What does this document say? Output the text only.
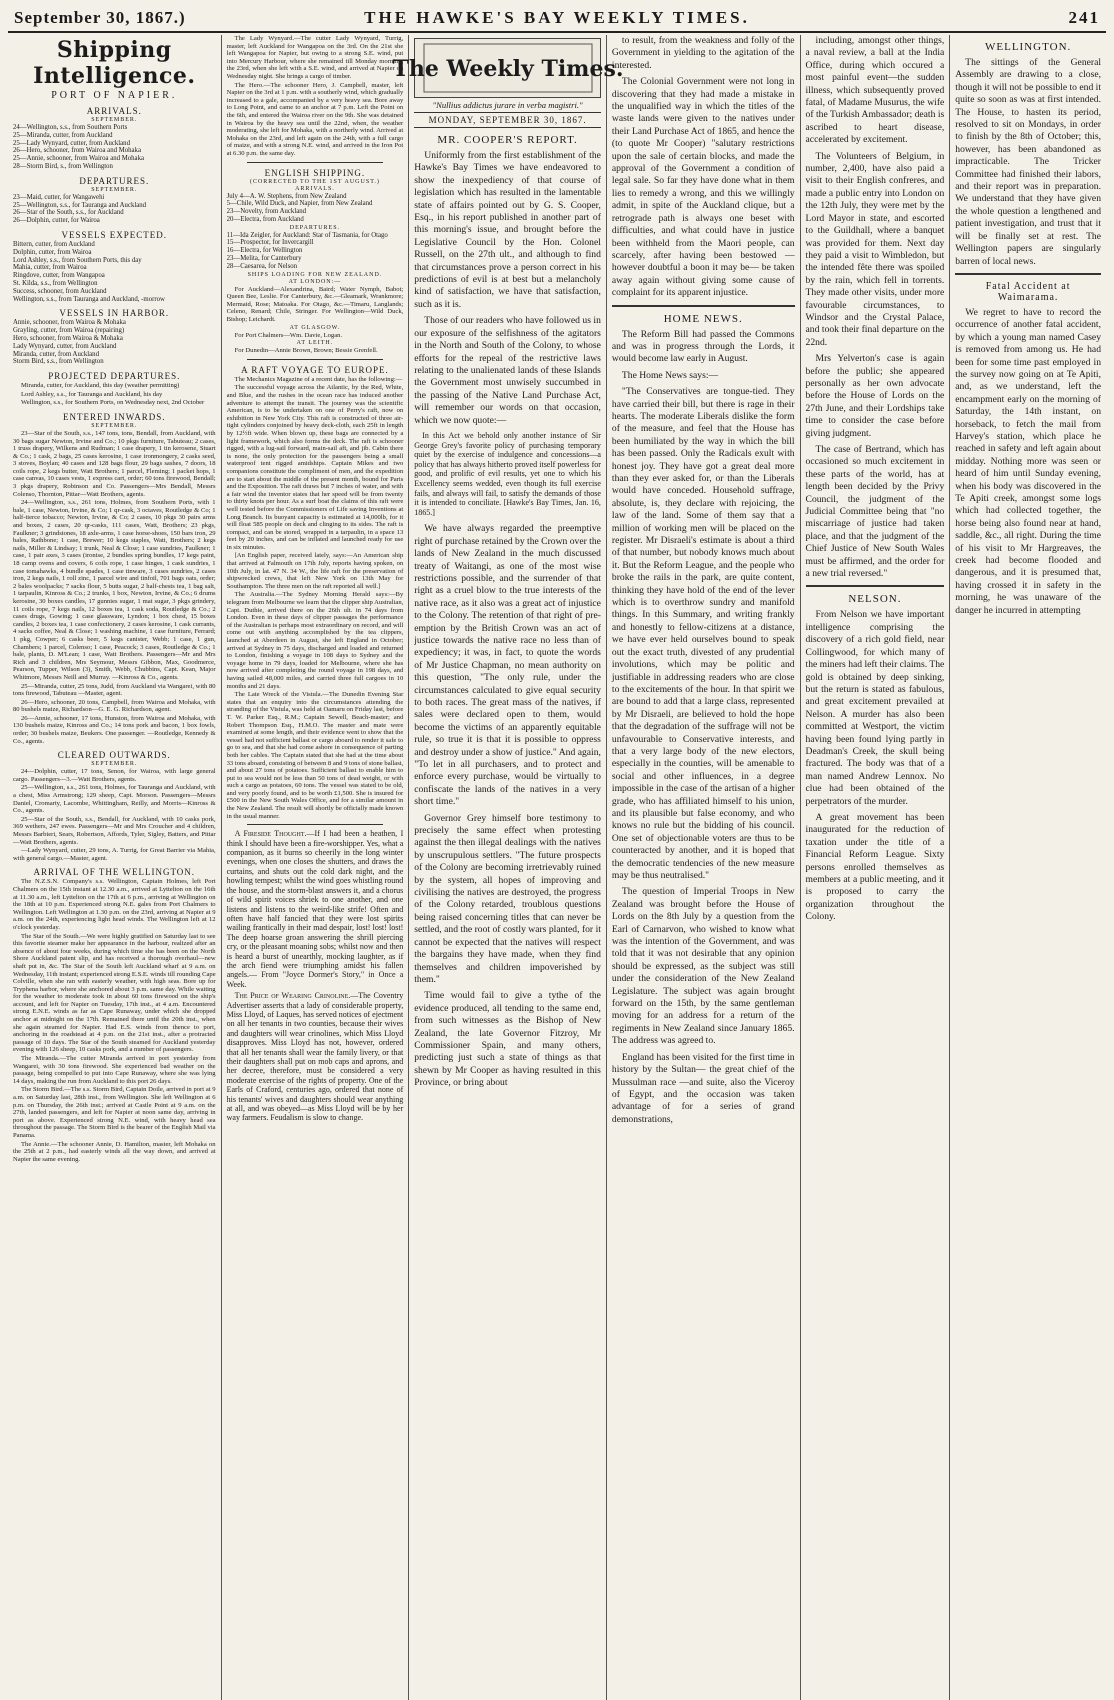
September 30, 1867.)	THE HAWKE'S BAY WEEKLY TIMES.	241
Shipping Intelligence.
PORT OF NAPIER.
ARRIVALS.
SEPTEMBER.
24—Wellington, s.s., from Southern Ports
25—Miranda, cutter, from Auckland
25—Lady Wynyard, cutter, from Auckland
26—Hero, schooner, from Wairoa and Mohaka
25—Annie, schooner, from Wairoa and Mohaka
28—Storm Bird, s., from Wellington
DEPARTURES.
SEPTEMBER.
23—Maid, cutter, for Wangawehi
25—Wellington, s.s., for Tauranga and Auckland
26—Star of the South, s.s., for Auckland
26—Dolphin, cutter, for Wairoa
VESSELS EXPECTED.
Bittern, cutter, from Auckland
Dolphin, cutter, from Wairoa
Lord Ashley, s.s., from Southern Ports, this day
Mahia, cutter, from Wairoa
Ringdove, cutter, from Wangapoa
St. Kilda, s.s., from Wellington
Success, schooner, from Auckland
Wellington, s.s., from Tauranga and Auckland, -morrow
VESSELS IN HARBOR.
Annie, schooner, from Wairoa & Mohaka
Grayling, cutter, from Wairoa (repairing)
Hero, schooner, from Wairoa & Mohaka
Lady Wynyard, cutter, from Auckland
Miranda, cutter, from Auckland
Storm Bird, s.s., from Wellington
PROJECTED DEPARTURES.

Miranda, cutter, for Auckland, this day (weather permitting)

Lord Ashley, s.s., for Tauranga and Auckland, his day

Wellington, s.s., for Southern Ports, on Wednesday next, 2nd October

ENTERED INWARDS.
SEPTEMBER.

23—Star of the South, s.s., 147 tons, tons, Bendall, from Auckland, with 30 bags sugar Newton, Irvine and Co.; 10 pkgs furniture, Tabuteau; 2 cases, 1 truss drapery, Wilkens and Rudman; 1 case drapery, 1 tin kerosene, Stuart & Co.; 1 cask, 2 bags, 25 cases kerosine, 1 case ironmongery, 2 casks seed, 3 stoves, Boylan; 40 cases and 128 bags flour, 29 bags sashes, 7 doors, 18 coils rope, 2 kegs butter, Watt Brothers; 1 parcel, Fleming; 1 packet hops, 1 case canvas, 10 cases vests, 1 express cart, order; 60 tons firewood, Bendall; 3 pkgs drapery, Robinson and Co. Passengers—Mrs Bendall, Messrs Colenso, Thornton, Pittar—Watt Brothers, agents.

24—Wellington, s.s., 261 tons, Holmes, from Southern Ports, with 1 bale, 1 case, Newton, Irvine, & Co; 1 qr-cask, 3 octaves, Routledge & Co; 1 half-tierce tobacco; Newton, Irvine, & Co; 2 cases, 10 pkgs 30 pairs arms and boxes, 2 cases, 20 qr-casks, 111 cases, Watt, Brothers; 23 pkgs, Faulkner; 3 grindstones, 18 axle-arms, 1 case horse-shoes, 150 bars iron, 29 bales, Rathbone; 1 case, Brewer; 10 kegs staples, Watt, Brothers; 2 kegs nails, Miller & Lindsay; 1 trunk, Neal & Close; 1 case sundries, Faulkner; 1 case, 1 pair axes, 3 cases (ironise, 2 bundles spring bundles, 17 kegs paint, 18 camp ovens and covers, 6 coils rope, 1 case hinges, 1 cask sundries, 1 case tomahawks, 4 bundle spades, 1 case tinware, 3 cases sundries, 2 cases iron, 2 kegs nails, 1 roll zinc, 1 parcel wire and tinfoil, 701 bags oats, order; 2 bales woolpacks; 7 sacks flour, 5 butts sugar, 2 half-chests tea, 1 bag salt, 1 tarpaulin, Kinross & Co.; 2 trunks, 1 box, Newton, Irvine, & Co.; 6 drums kerosine, 30 boxes candles, 17 gunnies sugar, 1 mat sugar, 3 pkgs grindery, 11 coils rope, 7 kegs nails, 12 boxes tea, 1 cask soda, Routledge & Co.; 2 cases drugs, Gowing; 1 case glassware, Lyndon; 1 box chest, 15 boxes candles, 2 boxes tea, 1 case confectionery, 2 cases kerosine, 1 cask currants, 4 sacks coffee, Neal & Close; 1 washing machine, 1 case furniture, Ferrard; 1 pkg, Cowper; 6 casks beer, 5 kegs canister, Webb; 1 case, 1 gun, Chambers; 1 parcel, Colenso; 1 case, Peacock; 3 cases, Routledge & Co.; 1 bale, plants, D. M'Lean; 1 case, Watt Brothers. Passengers—Mr and Mrs Rich and 3 children, Mrs Seymour, Messrs Gibbon, Max, Goodmerce, Pearson, Tupper, Wilson (3), Smith, Webb, Chubbins, Capt. Kean, Major Whitmore, Messrs Neill and Murray. —Kinross & Co., agents.

25—Miranda, cutter, 25 tons, Judd, from Auckland via Wangarei, with 80 tons firewood, Tabuteau —Master, agent.

26—Hero, schooner, 20 tons, Campbell, from Wairoa and Mohaka, with 80 bushels maize, Richardson—G. E. G. Richardson, agent.

26—Annie, schooner, 17 tons, Hunston, from Wairoa and Mohaka, with 130 bushels maize, Kinross and Co.; 14 tons pork and bacon, 1 box fowls, order; 30 bushels maize, Beukers. One passenger. —Routledge, Kennedy & Co., agents.

CLEARED OUTWARDS.
SEPTEMBER.

24—Dolphin, cutter, 17 tons, Senon, for Wairoa, with large general cargo. Passengers—3.—Watt Brothers, agents.

25—Wellington, s.s., 261 tons, Holmes, for Tauranga and Auckland, with a chest, Miss Armstrong; 129 sheep, Capt. Morson. Passengers—Messrs Daniel, Cromarty, Lacombe, Whittingham, Reilly, and Morris—Kinross & Co., agents.

25—Star of the South, s.s., Bendall, for Auckland, with 10 casks pork, 369 wethers, 247 ewes. Passengers—Mr and Mrs Croucher and 4 children, Messrs Barbieri, Sears, Robertson, Affords, Tyler, Sigley, Batters, and Pittar—Watt Brothers, agents.

—Lady Wynyard, cutter, 29 tons, A. Turrig, for Great Barrier via Mahia, with general cargo.—Master, agent.

ARRIVAL OF THE WELLINGTON.

The N.Z.S.N. Company's s.s. Wellington, Captain Holmes, left Port Chalmers on the 15th instant at 12.30 a.m., arrived at Lyttelton on the 16th at 11.30 a.m., left Lyttelton on the 17th at 6 p.m., arriving at Wellington on the 18th at 10 p.m. Experienced strong N.E. gales from Port Chalmers to Wellington. Left Wellington at 1.30 p.m. on the 23rd, arriving at Napier at 9 a.m. on the 24th, experiencing light head winds. The Wellington left at 12 o'clock yesterday.

The Star of the South.—We were highly gratified on Saturday last to see this favorite steamer make her appearance in the harbour, realized after an absence of about four weeks, during which time she has been on the North Shore Auckland patent slip, and has received a thorough overhaul—new shaft put in, &c. The Star of the South left Auckland wharf at 9 a.m. on Wednesday, 11th instant; experienced strong E.S.E. winds till rounding Cape Colville, when she ran with easterly weather, with high seas. Bore up for Tryphena harbor, where she anchored about 3 p.m. same day. While waiting for the weather to moderate took in about 60 tons firewood on the ship's account, and left for Napier on Tuesday, 17th inst., at 4 a.m. Encountered strong E.N.E. winds as far as Cape Runaway, under which she dropped anchor at midnight on the 17th. Remained there until the 20th inst., when she again steamed for Napier. Had E.S. winds from thence to port, anchoring in the roadstead at 4 p.m. on the 21st inst., after a protracted passage of 10 days. The Star of the South steamed for Auckland yesterday evening with 126 sheep, 10 casks pork, and a number of passengers.

The Miranda.—The cutter Miranda arrived in port yesterday from Wangarei, with 30 tons firewood. She experienced bad weather on the passage, being compelled to put into Cape Runaway, where she was lying 14 days, making the run from Auckland to this port 26 days.

The Storm Bird.—The s.s. Storm Bird, Captain Doile, arrived in port at 9 a.m. on Saturday last, 28th inst., from Wellington. She left Wellington at 6 p.m. on Thursday, the 26th inst.; arrived at Castle Point at 9 a.m. on the 27th, landed passengers, and left for Napier at noon same day, arriving in port as above. Experienced strong N.E. wind, with heavy head sea throughout the passage. The Storm Bird is the bearer of the English Mail via Panama.

The Annie.—The schooner Annie, D. Hamilton, master, left Mohaka on the 25th at 2 p.m., had easterly winds all the way down, and arrived at Napier the same evening.

The Lady Wynyard.—The cutter Lady Wynyard, Turrig, master, left Auckland for Wangapoa on the 3rd. On the 21st she left Wangapoa for Napier, but owing to a strong S.E. wind, put into Mercury Harbour, where she remained till Monday morning, the 23rd, when she left with a S.E. wind, and arrived at Napier on Wednesday night. She brings a cargo of timber.

The Hero.—The schooner Hero, J. Campbell, master, left Napier on the 3rd at 1 p.m. with a southerly wind, which gradually increased to a gale, accompanied by a very heavy sea. Bore away to Long Point, and came to an anchor at 7 p.m. Left the Point on the 6th, and entered the Wairoa river on the 9th. She was detained in Wairoa by the heavy sea until the 22nd, when, the weather moderating, she left for Mohaka, with a northerly wind. Arrived at Mohaka on the 23rd, and left again on the 24th, with a full cargo of maize, and with a strong N.E. wind, and arrived in the Iron Pot at 6.30 p.m. the same day.

ENGLISH SHIPPING.
(CORRECTED TO THE 1ST AUGUST.)
ARRIVALS.
July 4—A. W. Stephens, from New Zealand
5—Chile, Wild Duck, and Napier, from New Zealand
23—Novelty, from Auckland
20—Electra, from Auckland
DEPARTURES.
11—Ida Zeigler, for Auckland: Star of Tasmania, for Otago
15—Prospector, for Invercargill
16—Electra, for Wellington
23—Melita, for Canterbury
28—Caesarea, for Nelson
SHIPS LOADING FOR NEW ZEALAND.
AT LONDON:—

For Auckland—Alexandrina, Baird; Water Nymph, Babot; Queen Bee, Leslie. For Canterbury, &c.—Gleamark, Wrankmore; Mermaid, Rose; Matoaka. For Otago, &c.—Timaru, Langlands; Celeno, Renard; Chile, Stringer. For Wellington—Wild Duck, Bishop; Leichardt.

AT GLASGOW.

For Port Chalmers—Wm. Davie, Logan.

AT LEITH.

For Dunedin—Annie Brown, Brown; Bessie Grenfell.

A RAFT VOYAGE TO EUROPE.

The Mechanics Magazine of a recent date, has the following:—

The successful voyage across the Atlantic, by the Red, White, and Blue, and the rushes in the ocean race has induced another adventure to attempt the transit. The journey was the scientific American, is to be undertaken on one of Perry's raft, now on exhibition in New York City. This raft is constructed of three air-tight cylinders conjoined by heavy deck-cloth, each 25ft in length by 12½ft wide. When blown up, these bags are connected by a light framework, which also forms the deck. The raft is schooner rigged, with a lug-sail forward, main-sail aft, and jib. Cabin there is none, the only protection for the passengers being a small waterproof tent rigged amidships. Captain Mikes and two companions constitute the compliment of men, and the expedition are to start about the middle of the present month, bound for Paris and the Exposition. The raft draws but 7 inches of water, and with a fair wind the inventor states that her speed will be from twenty to thirty knots per hour. As a surf boat the claims of this raft were well tested before the Commissioners of Life saving Inventions at Long Branch. Its buoyant capacity is estimated at 14,000lb, for it will float 585 people on deck and clinging to its sides. The raft is compact, and can be stored, wrapped in a tarpaulin, in a space 13 feet by 20 inches, and can be inflated and launched ready for use in six minutes.

[An English paper, received lately, says:—An American ship that arrived at Falmouth on 17th July, reports having spoken, on 10th July, in lat. 47 N. 34 W., the life raft for the preservation of shipwrecked crews, that left New York on 13th May for Southampton. The three men on the raft reported all well.]

The Australia.—The Sydney Morning Herald says:—By telegram from Melbourne we learn that the clipper ship Australian, Capt. Duthie, arrived there on the 26th ult. in 74 days from London. Even in these days of clipper passages the performance of the Australian is perhaps most extraordinary on record, and will come out with anything accomplished by the tea clippers, launched at Aberdeen in August, she left England in October; arrived at Sydney in 75 days, discharged and loaded and returned to London, finishing a voyage in 108 days to Sydney and the voyage home in 79 days, loaded for Melbourne, where she has now arrived after completing the round voyage in 198 days, and having sailed 48,000 miles, and carried three full cargoes in 10 months and 21 days.

The Late Wreck of the Vistula.—The Dunedin Evening Star states that an enquiry into the circumstances attending the stranding of the Vistula, was held at Oamaru on Friday last, before T. W. Parker Esq., R.M.; Captain Sewell, Beach-master; and Robert Thompson Esq., H.M.O. The master and mate were examined at some length, and their evidence went to show that the vessel had not sufficient ballast or cargo aboard to render it safe to go to sea, and that she had come ashore in consequence of parting both her cables. The Captain stated that she had at the time about 33 tons aboard, consisting of between 8 and 9 tons of stone ballast, and about 27 tons of potatoes. Sufficient ballast to enable him to put to sea would not be less than 50 tons of dead weight, or with such a cargo as potatoes, 60 tons. The vessel was stated to be old, and very poorly found, and to be worth £1,500. She is insured for £500 in the New South Wales Office, and for a similar amount in the New Zealand. The result will shortly be officially made known in the usual manner.

A Fireside Thought.—If I had been a heathen, I think I should have been a fire-worshipper. Yes, what a companion, as it burns so cheerily in the long winter evenings, when one closes the shutters, and draws the curtains, and shuts out the cold dark night, and the howling tempest; whilst the wind goes whistling round the house, and the storm-blast answers it, and a chorus of wild spirit voices shriek to one another, and one listens and listens to the weird-like strife! Often and often have half fancied that they were lost spirits wailing frantically in their mad despair, lost! lost! lost! The deep hoarse groan answering the shrill piercing cry, or the pleasant moaning sobs; whilst now and then is heard a burst of unearthly, mocking laughter, as if the arch fiend were triumphing amidst his fallen angels.— From "Joyce Dormer's Story," in Once a Week.

The Price of Wearing Crinoline.—The Coventry Advertiser asserts that a lady of considerable property, Miss Lloyd, of Laques, has served notices of ejectment on all her tenants in two counties, because their wives and daughters will wear crinolines, which Miss Lloyd disapproves. Miss Lloyd has not, however, ordered that all her tenants shall wear the family livery, or that their daughters shall put on mob caps and aprons, and her decree, therefore, must be considered a very moderate exercise of the rights of property. One of the Earls of Craford, centuries ago, ordered that none of his tenants' wives and daughters should wear anything at all, and was obeyed—as Miss Lloyd will be by her way farmers. Feudalism is slow to change.

The Weekly Times.
"Nullius addictus jurare in verba magistri."
MONDAY, SEPTEMBER 30, 1867.
MR. COOPER'S REPORT.

Uniformly from the first establishment of the Hawke's Bay Times we have endeavored to show the inexpediency of that course of legislation which has resulted in the lamentable state of affairs pointed out by G. S. Cooper, Esq., in his report published in another part of this morning's issue, and brought before the Legislative Council by the Hon. Colonel Russell, on the 27th ult., and although to find that circumstances prove a person correct in his predictions of evil is at best but a melancholy kind of satisfaction, we have that satisfaction, such as it is.

Those of our readers who have followed us in our exposure of the selfishness of the agitators in the North and South of the Colony, to whose efforts for the repeal of the restrictive laws relating to the unalienated lands of these Islands the Government most unwisely succumbed in the passing of the Native Land Purchase Act, will remember our words on that occasion, which we now quote:—

In this Act we behold only another instance of Sir George Grey's favorite policy of purchasing temporary quiet by the exercise of indulgence and concessions—a policy that has always hitherto proved itself powerless for good, and prolific of evil results, yet one to which his Excellency seems wedded, even though its full exercise fails, and always will fail, to satisfy the demands of those it is intended to conciliate. [Hawke's Bay Times, Jan. 16, 1865.]

We have always regarded the preemptive right of purchase retained by the Crown over the lands of New Zealand in the much discussed treaty of Waitangi, as one of the most wise restrictions possible, and the surrender of that right as a cruel blow to the true interests of the native race, as it also was a great act of injustice to the Colony. The retention of that right of pre-emption by the British Crown was an act of justice towards the native race no less than of expediency; it was, in fact, to quote the words of Mr Justice Chapman, no mean authority on this question, "The only rule, under the circumstances calculated to give equal security to both races. The great mass of the natives, if sales were declared open to them, would become the victims of an apparently equitable rule, so true it is that it is possible to oppress and destroy under a show of justice." And again, "To let in all purchasers, and to protect and enforce every purchase, would be virtually to confiscate the lands of the natives in a very short time."

Governor Grey himself bore testimony to precisely the same effect when protesting against the then illegal dealings with the natives by unscrupulous settlers. "The future prospects of the Colony are becoming irretrievably ruined by the system, all hopes of improving and civilising the natives are destroyed, the progress of the Colony retarded, troublous questions being raised concerning titles that can never be settled, and the root of costly wars planted, for it cannot be expected that the natives will respect the bargains they have made, when they find themselves and children impoverished by them."

Time would fail to give a tythe of the evidence produced, all tending to the same end, from such witnesses as the Bishop of New Zealand, the late Governor Fitzroy, Mr Commissioner Spain, and many others, predicting just such a state of things as that shewn by Mr Cooper as having resulted in this Province, or bring about

to result, from the weakness and folly of the Government in yielding to the agitation of the interested.

The Colonial Government were not long in discovering that they had made a mistake in the unqualified way in which the titles of the waste lands were given to the natives under their Land Purchase Act of 1865, and hence the (to quote Mr Cooper) "salutary restrictions upon the sale of certain blocks, and made the approval of the Government a condition of legal sale. So far they have done what in them lies to remedy a wrong, and this we willingly admit, in spite of the Auckland clique, but a retrograde path is always one beset with difficulties, and what could have in justice been withheld from the Maori people, can scarcely, after having been bestowed —however doubtful a boon it may be— be taken away again without giving some cause of complaint for its apparent injustice.

HOME NEWS.

The Reform Bill had passed the Commons and was in progress through the Lords, it would become law early in August.

The Home News says:—

"The Conservatives are tongue-tied. They have carried their bill, but there is rage in their hearts. The moderate Liberals dislike the form of the measure, and feel that the House has been humiliated by the way in which the bill has been passed. Only the Radicals exult with honest joy. They have got a great deal more than they ever asked for, or than the Liberals would have conceded. Household suffrage, absolute, is, they declare with rejoicing, the law of the land. Some of them say that a million of working men will be placed on the register. Mr Disraeli's estimate is about a third of that number, but nobody knows much about it. But the Reform League, and the people who broke the rails in the park, are quite content, thinking they have hold of the end of the lever which is to overthrow sundry and manifold things. In this Summary, and writing frankly and honestly to fellow-citizens at a distance, we have ever held ourselves bound to speak out the exact truth, divested of any prudential involutions, which may be politic and justifiable in addressing readers who are close to the excitements of the hour. In that spirit we are bound to add that a large class, represented by Mr Disraeli, are believed to hold the hope that the degradation of the suffrage will not be unfavourable to Conservative interests, and that a very large body of the new electors, especially in the counties, will be amenable to social and other influences, in a degree impossible in the case of the artisan of a higher grade, who has affiliated himself to his union, and its plausible but false economy, and who knows no rule but the bidding of his council. One set of objectionable voters are thus to be counteracted by another, and it is hoped that the democratic tendencies of the new measure may be thus neutralised."

The question of Imperial Troops in New Zealand was brought before the House of Lords on the 8th July by a question from the Earl of Carnarvon, who wished to know what was the intention of the Government, and was told that it was not desirable that any opinion should be expressed, as the subject was still under the consideration of the New Zealand Legislature. The subject was again brought forward on the 15th, by the same gentleman moving for an address for a return of the regiments in New Zealand since January 1865. The address was agreed to.

England has been visited for the first time in history by the Sultan— the great chief of the Mussulman race —and suite, also the Viceroy of Egypt, and the occasion was taken advantage of for a series of grand demonstrations,

including, amongst other things, a naval review, a ball at the India Office, during which occured a most painful event—the sudden illness, which subsequently proved fatal, of Madame Musurus, the wife of the Turkish Ambassador; death is ascribed to heart disease, accelerated by excitement.

The Volunteers of Belgium, in number, 2,400, have also paid a visit to their English confreres, and made a public entry into London on the 12th July, they were met by the Lord Mayor in state, and escorted to the Guildhall, where a banquet was provided for them. Next day they paid a visit to Wimbledon, but the intended fête there was spoiled by the rain, which fell in torrents. They made other visits, under more favourable circumstances, to Windsor and the Crystal Palace, and took their final departure on the 22nd.

Mrs Yelverton's case is again before the public; she appeared personally as her own advocate before the House of Lords on the 27th June, and their Lordships take time to consider the case before giving judgment.

The case of Bertrand, which has occasioned so much excitement in these parts of the world, has at length been decided by the Privy Council, the judgment of the Judicial Committee being that "no miscarriage of justice had taken place, and that the judgment of the Chief Justice of New South Wales must be affirmed, and the order for a new trial reversed."

NELSON.

From Nelson we have important intelligence comprising the discovery of a rich gold field, near Collingwood, for which many of the miners had left their claims. The gold is obtained by deep sinking, but the return is stated as fabulous, and great excitement prevailed at Nelson. A murder has also been committed at Westport, the victim having been found lying partly in Deadman's Creek, the skull being fractured. The body was that of a man named Andrew Lennox. No clue had been obtained of the perpetrators of the murder.

A great movement has been inaugurated for the reduction of taxation under the title of a Financial Reform League. Sixty persons enrolled themselves as members at a public meeting, and it is proposed to carry the organization throughout the Colony.

WELLINGTON.

The sittings of the General Assembly are drawing to a close, though it will not be possible to end it quite so soon as was at first intended. The House, to hasten its period, resolved to sit on Mondays, in order to finish by the 8th of October; this, however, has been abandoned as impracticable. The Tricker Committee had finished their labors, and their report was in preparation. We understand that they have given the whole question a lengthened and patient investigation, and trust that it will be finally set at rest. The Wellington papers are singularly barren of local news.

Fatal Accident at Waimarama.

We regret to have to record the occurrence of another fatal accident, by which a young man named Casey is removed from among us. He had been for some time past employed in the survey now going on at Te Apiti, and, as we understand, left the encampment early on the morning of Saturday, the 14th instant, on horseback, to fetch the mail from Harvey's station, which place he reached in safety and left again about midday. Nothing more was seen or heard of him until Sunday evening, when his body was discovered in the Te Apiti creek, amongst some logs which had collected together, the horse being also found near at hand, saddle, &c., all right. During the time of his visit to Mr Hargreaves, the creek had become flooded and dangerous, and it is presumed that, having crossed it in safety in the morning, he was unaware of the danger he incurred in attempting
